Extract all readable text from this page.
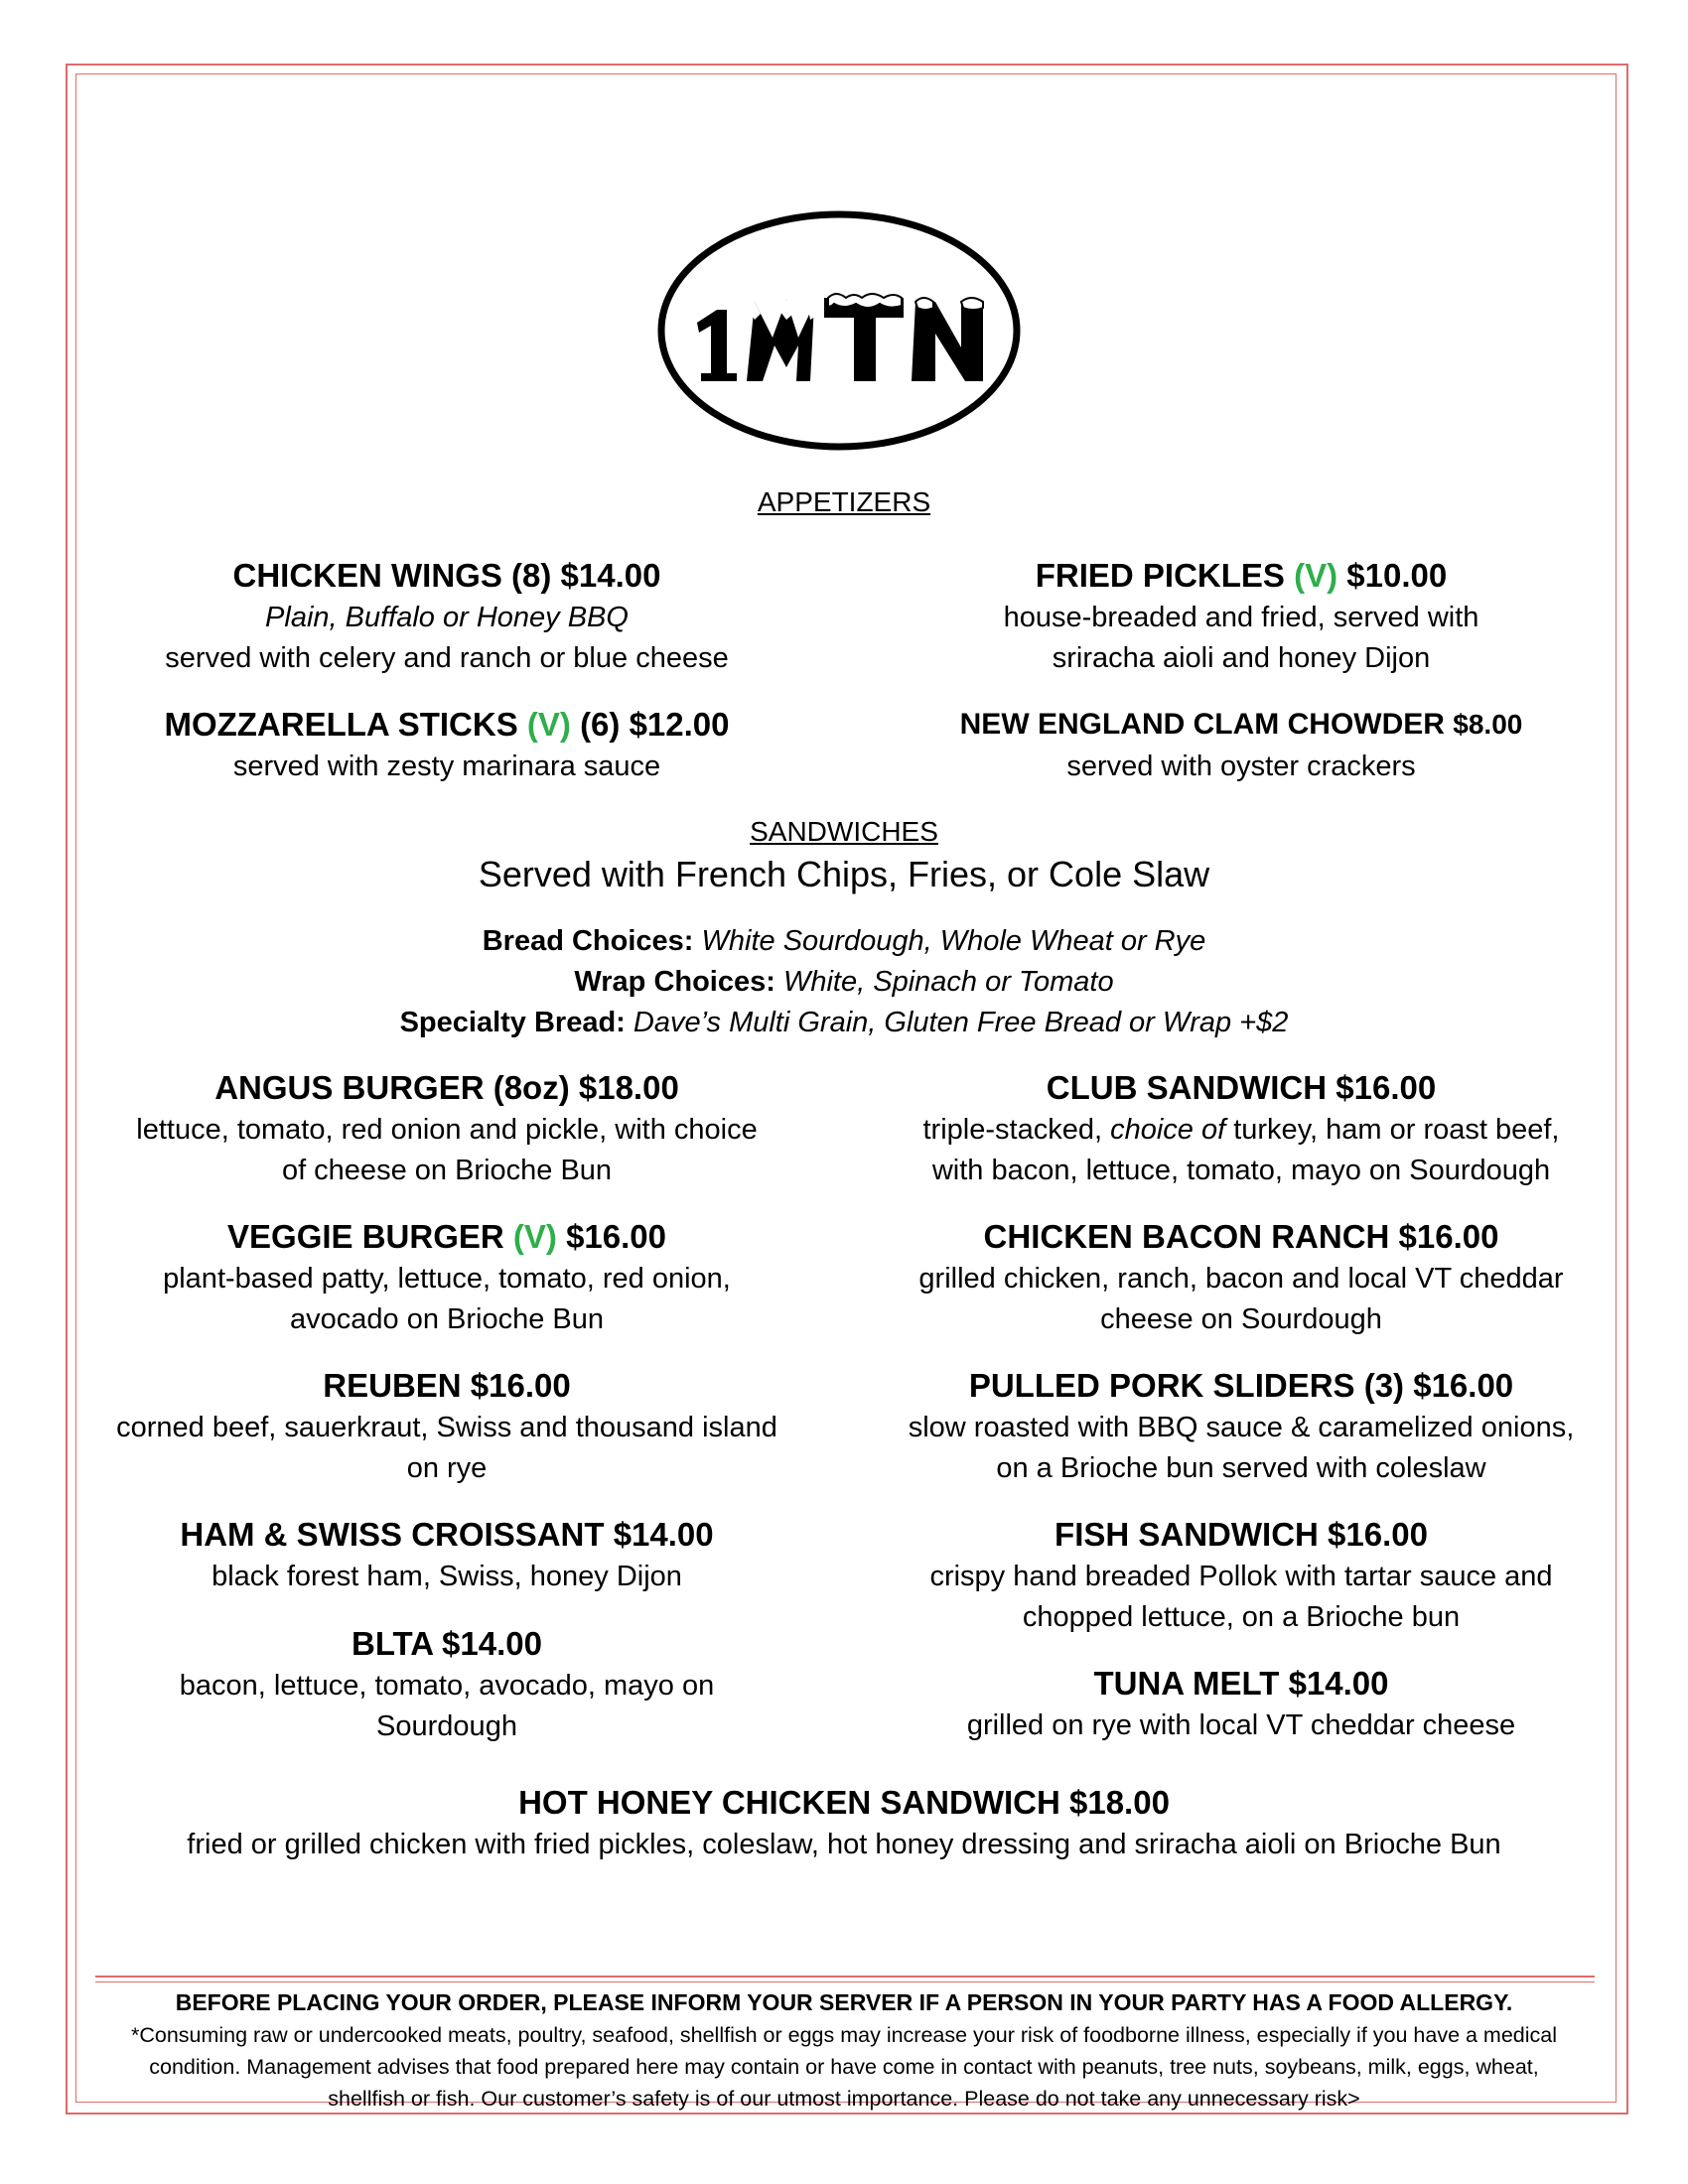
APPETIZERS
CHICKEN WINGS (8) $14.00
Plain, Buffalo or Honey BBQ
served with celery and ranch or blue cheese
FRIED PICKLES (V) $10.00
house-breaded and fried, served with
sriracha aioli and honey Dijon
MOZZARELLA STICKS (V) (6) $12.00
served with zesty marinara sauce
NEW ENGLAND CLAM CHOWDER $8.00
served with oyster crackers
SANDWICHES
Served with French Chips, Fries, or Cole Slaw
Bread Choices: White Sourdough, Whole Wheat or Rye
Wrap Choices: White, Spinach or Tomato
Specialty Bread: Dave’s Multi Grain, Gluten Free Bread or Wrap +$2
ANGUS BURGER (8oz) $18.00
lettuce, tomato, red onion and pickle, with choice
of cheese on Brioche Bun
VEGGIE BURGER (V) $16.00
plant-based patty, lettuce, tomato, red onion,
avocado on Brioche Bun
REUBEN $16.00
corned beef, sauerkraut, Swiss and thousand island
on rye
HAM & SWISS CROISSANT $14.00
black forest ham, Swiss, honey Dijon
BLTA $14.00
bacon, lettuce, tomato, avocado, mayo on
Sourdough
CLUB SANDWICH $16.00
triple-stacked, choice of turkey, ham or roast beef,
with bacon, lettuce, tomato, mayo on Sourdough
CHICKEN BACON RANCH $16.00
grilled chicken, ranch, bacon and local VT cheddar
cheese on Sourdough
PULLED PORK SLIDERS (3) $16.00
slow roasted with BBQ sauce & caramelized onions,
on a Brioche bun served with coleslaw
FISH SANDWICH $16.00
crispy hand breaded Pollok with tartar sauce and
chopped lettuce, on a Brioche bun
TUNA MELT $14.00
grilled on rye with local VT cheddar cheese
HOT HONEY CHICKEN SANDWICH $18.00
fried or grilled chicken with fried pickles, coleslaw, hot honey dressing and sriracha aioli on Brioche Bun
BEFORE PLACING YOUR ORDER, PLEASE INFORM YOUR SERVER IF A PERSON IN YOUR PARTY HAS A FOOD ALLERGY.
*Consuming raw or undercooked meats, poultry, seafood, shellfish or eggs may increase your risk of foodborne illness, especially if you have a medical condition. Management advises that food prepared here may contain or have come in contact with peanuts, tree nuts, soybeans, milk, eggs, wheat, shellfish or fish. Our customer’s safety is of our utmost importance. Please do not take any unnecessary risk>
